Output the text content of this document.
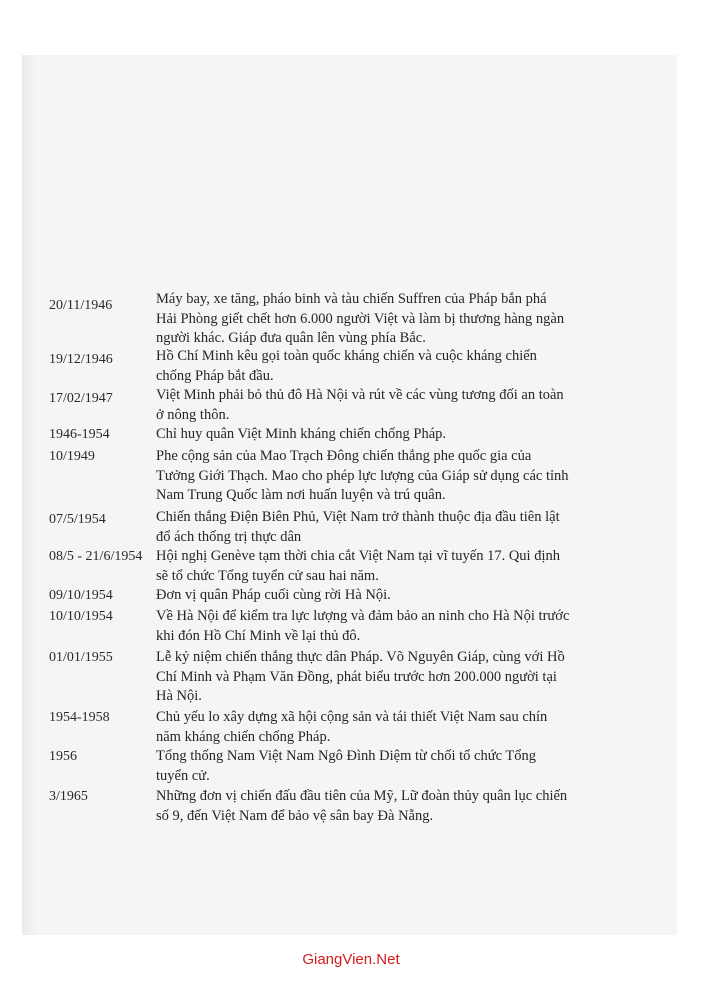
20/11/1946	Máy bay, xe tăng, pháo binh và tàu chiến Suffren của Pháp bắn phá Hải Phòng giết chết hơn 6.000 người Việt và làm bị thương hàng ngàn người khác. Giáp đưa quân lên vùng phía Bắc.

19/12/1946	Hồ Chí Minh kêu gọi toàn quốc kháng chiến và cuộc kháng chiến chống Pháp bắt đầu.

17/02/1947	Việt Minh phải bỏ thủ đô Hà Nội và rút về các vùng tương đối an toàn ở nông thôn.

1946-1954	Chỉ huy quân Việt Minh kháng chiến chống Pháp.

10/1949	Phe cộng sản của Mao Trạch Đông chiến thắng phe quốc gia của Tưởng Giới Thạch. Mao cho phép lực lượng của Giáp sử dụng các tỉnh Nam Trung Quốc làm nơi huấn luyện và trú quân.

07/5/1954	Chiến thắng Điện Biên Phủ, Việt Nam trở thành thuộc địa đầu tiên lật đổ ách thống trị thực dân

08/5 - 21/6/1954 Hội nghị Genève tạm thời chia cắt Việt Nam tại vĩ tuyến 17. Qui định sẽ tổ chức Tổng tuyển cử sau hai năm.

09/10/1954	Đơn vị quân Pháp cuối cùng rời Hà Nội.

10/10/1954	Về Hà Nội để kiểm tra lực lượng và đảm bảo an ninh cho Hà Nội trước khi đón Hồ Chí Minh về lại thủ đô.

01/01/1955	Lễ kỷ niệm chiến thắng thực dân Pháp. Võ Nguyên Giáp, cùng với Hồ Chí Minh và Phạm Văn Đồng, phát biểu trước hơn 200.000 người tại Hà Nội.

1954-1958	Chủ yếu lo xây dựng xã hội cộng sản và tái thiết Việt Nam sau chín năm kháng chiến chống Pháp.

1956	Tổng thống Nam Việt Nam Ngô Đình Diệm từ chối tổ chức Tổng tuyển cử.

3/1965	Những đơn vị chiến đấu đầu tiên của Mỹ, Lữ đoàn thủy quân lục chiến số 9, đến Việt Nam để bảo vệ sân bay Đà Nẵng.

GiangVien.Net
